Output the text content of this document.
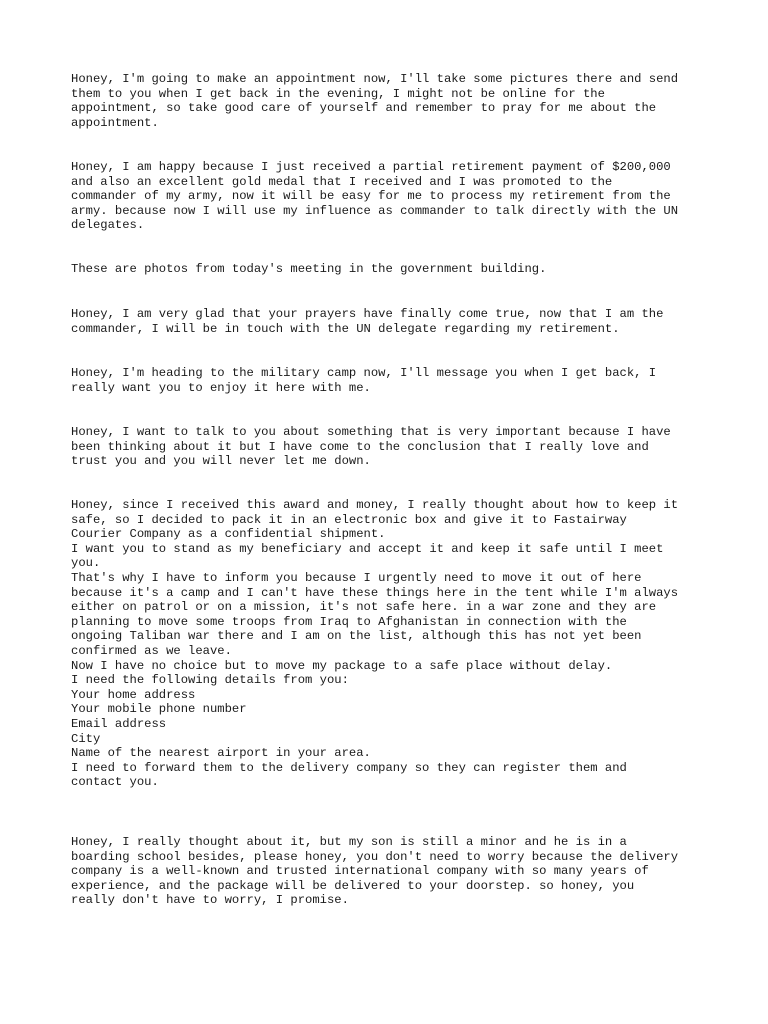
Honey, I'm going to make an appointment now, I'll take some pictures there and send
them to you when I get back in the evening, I might not be online for the
appointment, so take good care of yourself and remember to pray for me about the
appointment.
Honey, I am happy because I just received a partial retirement payment of $200,000
and also an excellent gold medal that I received and I was promoted to the
commander of my army, now it will be easy for me to process my retirement from the
army. because now I will use my influence as commander to talk directly with the UN
delegates.
These are photos from today's meeting in the government building.
Honey, I am very glad that your prayers have finally come true, now that I am the
commander, I will be in touch with the UN delegate regarding my retirement.
Honey, I'm heading to the military camp now, I'll message you when I get back, I
really want you to enjoy it here with me.
Honey, I want to talk to you about something that is very important because I have
been thinking about it but I have come to the conclusion that I really love and
trust you and you will never let me down.
Honey, since I received this award and money, I really thought about how to keep it
safe, so I decided to pack it in an electronic box and give it to Fastairway
Courier Company as a confidential shipment.
I want you to stand as my beneficiary and accept it and keep it safe until I meet
you.
That's why I have to inform you because I urgently need to move it out of here
because it's a camp and I can't have these things here in the tent while I'm always
either on patrol or on a mission, it's not safe here. in a war zone and they are
planning to move some troops from Iraq to Afghanistan in connection with the
ongoing Taliban war there and I am on the list, although this has not yet been
confirmed as we leave.
Now I have no choice but to move my package to a safe place without delay.
I need the following details from you:
Your home address
Your mobile phone number
Email address
City
Name of the nearest airport in your area.
I need to forward them to the delivery company so they can register them and
contact you.
Honey, I really thought about it, but my son is still a minor and he is in a
boarding school besides, please honey, you don't need to worry because the delivery
company is a well-known and trusted international company with so many years of
experience, and the package will be delivered to your doorstep. so honey, you
really don't have to worry, I promise.
